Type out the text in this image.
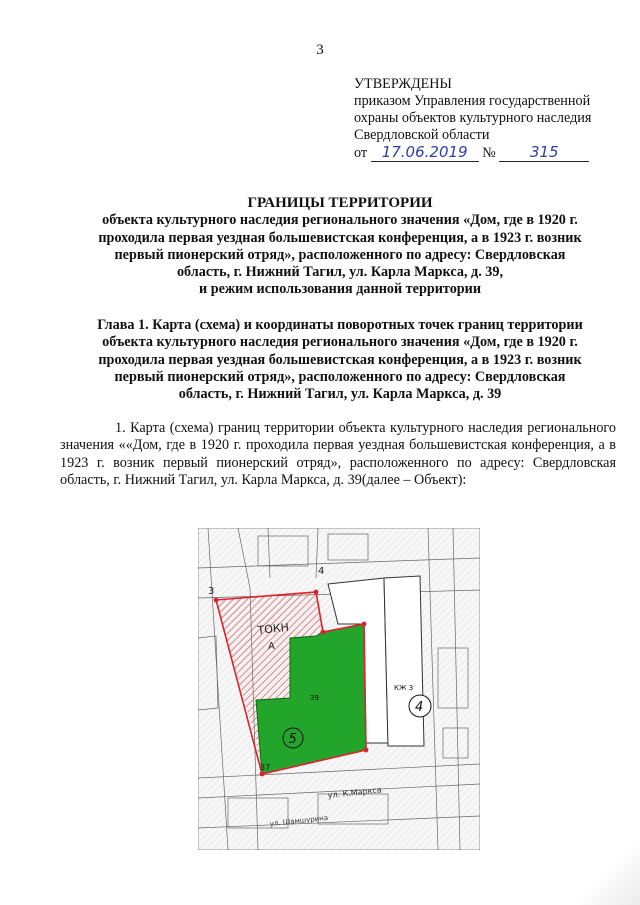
3
УТВЕРЖДЕНЫ
приказом Управления государственной
охраны объектов культурного наследия
Свердловской области
от 17.06.2019 № 315
ГРАНИЦЫ ТЕРРИТОРИИ
объекта культурного наследия регионального значения «Дом, где в 1920 г.
проходила первая уездная большевистская конференция, а в 1923 г. возник
первый пионерский отряд», расположенного по адресу: Свердловская
область, г. Нижний Тагил, ул. Карла Маркса, д. 39,
и режим использования данной территории
Глава 1. Карта (схема) и координаты поворотных точек границ территории
объекта культурного наследия регионального значения «Дом, где в 1920 г.
проходила первая уездная большевистская конференция, а в 1923 г. возник
первый пионерский отряд», расположенного по адресу: Свердловская
область, г. Нижний Тагил, ул. Карла Маркса, д. 39
1. Карта (схема) границ территории объекта культурного наследия регионального значения ««Дом, где в 1920 г. проходила первая уездная большевистская конференция, а в 1923 г. возник первый пионерский отряд», расположенного по адресу: Свердловская область, г. Нижний Тагил, ул. Карла Маркса, д. 39(далее – Объект):
3
4
ТОКН
А
5
4
37
39
КЖ 3
ул. К.Маркса
ул. Шамшурина
